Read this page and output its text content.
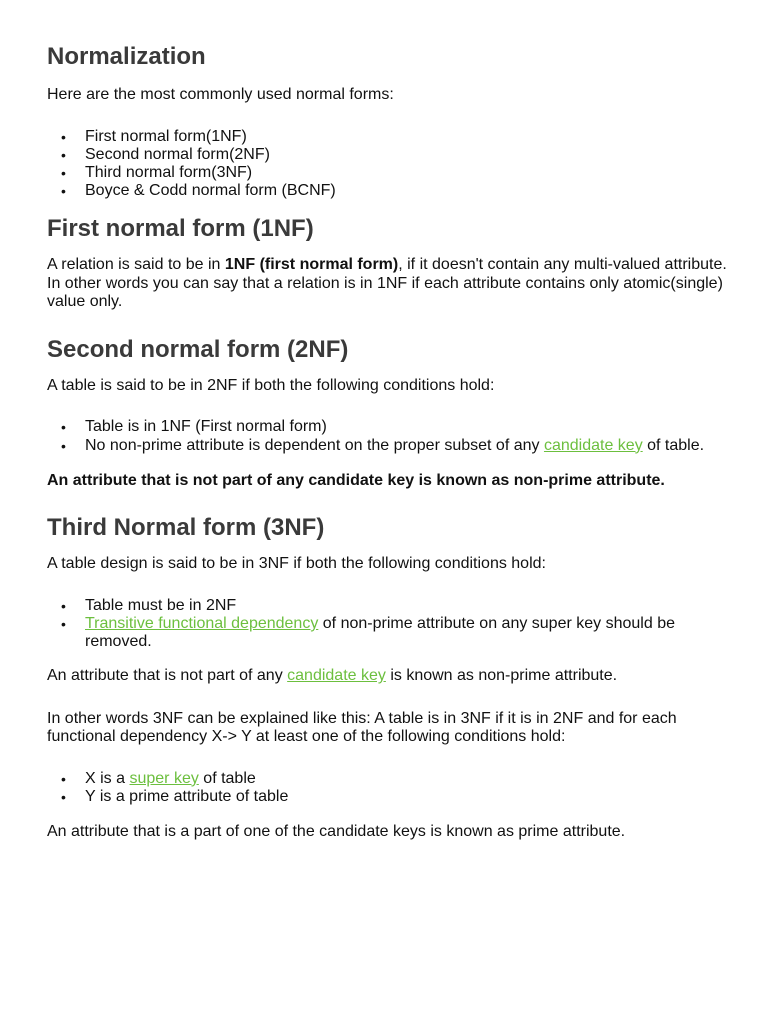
Normalization

Here are the most commonly used normal forms:

• First normal form(1NF)
• Second normal form(2NF)
• Third normal form(3NF)
• Boyce & Codd normal form (BCNF)
First normal form (1NF)

A relation is said to be in 1NF (first normal form), if it doesn't contain any multi-valued attribute. In other words you can say that a relation is in 1NF if each attribute contains only atomic(single) value only.

Second normal form (2NF)

A table is said to be in 2NF if both the following conditions hold:

• Table is in 1NF (First normal form)
• No non-prime attribute is dependent on the proper subset of any candidate key of table.

An attribute that is not part of any candidate key is known as non-prime attribute.

Third Normal form (3NF)

A table design is said to be in 3NF if both the following conditions hold:

• Table must be in 2NF
• Transitive functional dependency of non-prime attribute on any super key should be removed.

An attribute that is not part of any candidate key is known as non-prime attribute.

In other words 3NF can be explained like this: A table is in 3NF if it is in 2NF and for each functional dependency X-> Y at least one of the following conditions hold:

• X is a super key of table
• Y is a prime attribute of table

An attribute that is a part of one of the candidate keys is known as prime attribute.
